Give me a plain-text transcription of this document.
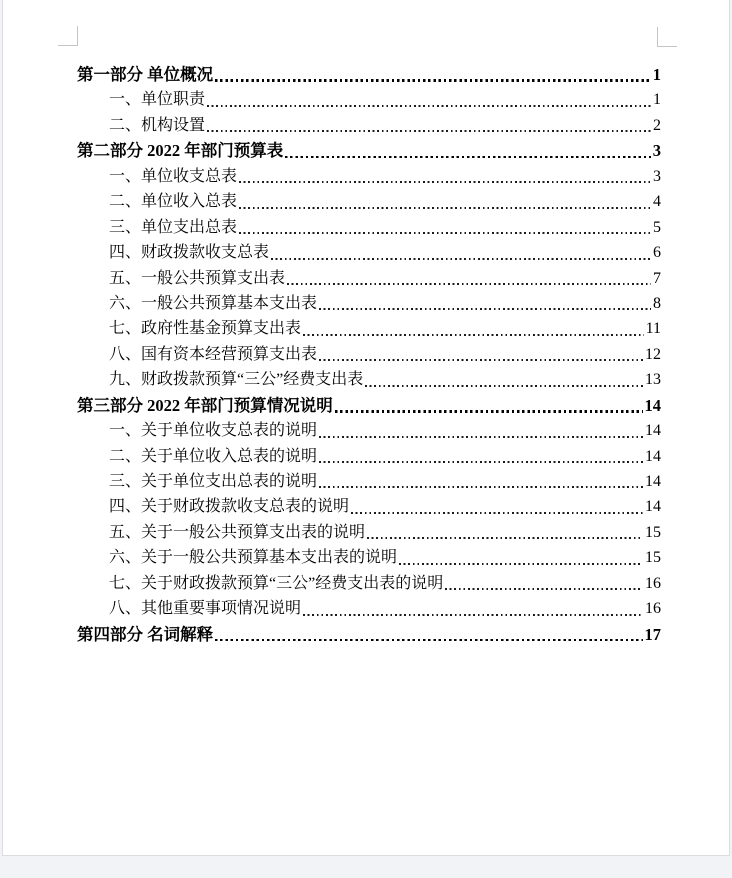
第一部分 单位概况	1
一、单位职责	1
二、机构设置	2
第二部分 2022 年部门预算表	3
一、单位收支总表	3
二、单位收入总表	4
三、单位支出总表	5
四、财政拨款收支总表	6
五、一般公共预算支出表	7
六、一般公共预算基本支出表	8
七、政府性基金预算支出表	11
八、国有资本经营预算支出表	12
九、财政拨款预算“三公”经费支出表	13
第三部分 2022 年部门预算情况说明	14
一、关于单位收支总表的说明	14
二、关于单位收入总表的说明	14
三、关于单位支出总表的说明	14
四、关于财政拨款收支总表的说明	14
五、关于一般公共预算支出表的说明	15
六、关于一般公共预算基本支出表的说明	15
七、关于财政拨款预算“三公”经费支出表的说明	16
八、其他重要事项情况说明	16
第四部分 名词解释	17
